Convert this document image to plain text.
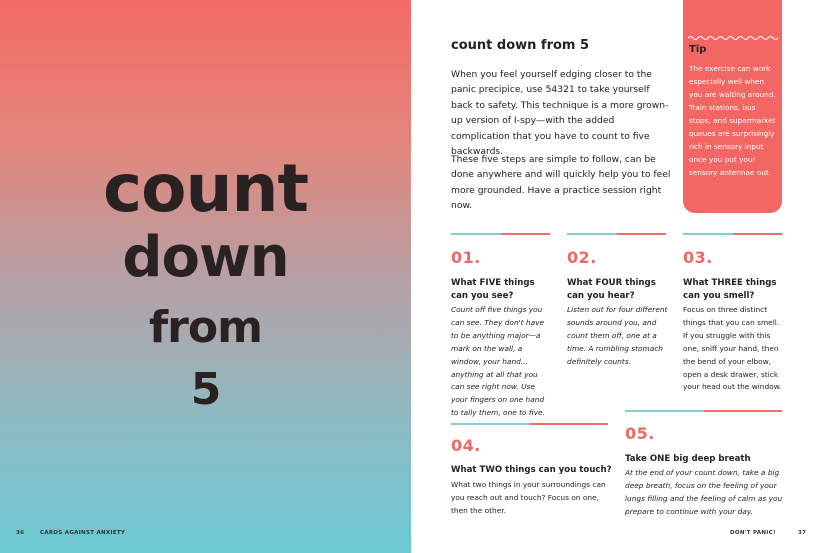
count
down
from
5
36	CARDS AGAINST ANXIETY
count down from 5

When you feel yourself edging closer to the panic precipice, use 54321 to take yourself back to safety. This technique is a more grown-up version of I-spy—with the added complication that you have to count to five backwards.

These five steps are simple to follow, can be done anywhere and will quickly help you to feel more grounded. Have a practice session right now.

Tip

The exercise can work especially well when you are waiting around. Train stations, bus stops, and supermarket queues are surprisingly rich in sensory input once you put your sensory antennae out.

01.

What FIVE things can you see?

Count off five things you can see. They don't have to be anything major—a mark on the wall, a window, your hand... anything at all that you can see right now. Use your fingers on one hand to tally them, one to five.

02.

What FOUR things can you hear?

Listen out for four different sounds around you, and count them off, one at a time. A rumbling stomach definitely counts.

03.

What THREE things can you smell?

Focus on three distinct things that you can smell. If you struggle with this one, sniff your hand, then the bend of your elbow, open a desk drawer, stick your head out the window.

04.

What TWO things can you touch?

What two things in your surroundings can you reach out and touch? Focus on one, then the other.

05.

Take ONE big deep breath

At the end of your count down, take a big deep breath, focus on the feeling of your lungs filling and the feeling of calm as you prepare to continue with your day.

DON'T PANIC!	37
